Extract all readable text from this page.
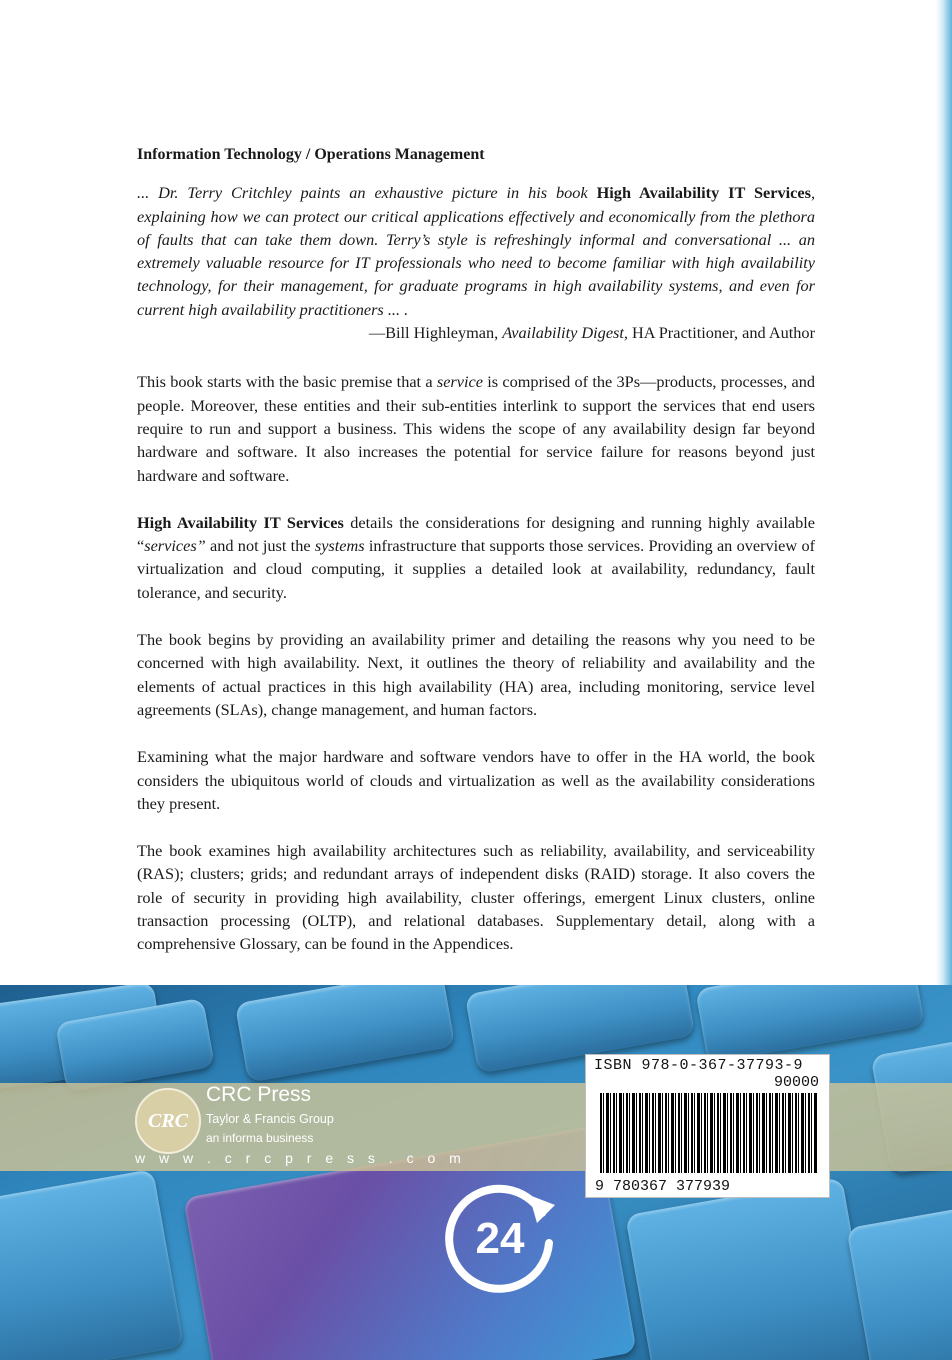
Information Technology / Operations Management

... Dr. Terry Critchley paints an exhaustive picture in his book High Availability IT Services, explaining how we can protect our critical applications effectively and economically from the plethora of faults that can take them down. Terry’s style is refreshingly informal and conversational ... an extremely valuable resource for IT professionals who need to become familiar with high availability technology, for their management, for graduate programs in high availability systems, and even for current high availability practitioners ... .

—Bill Highleyman, Availability Digest, HA Practitioner, and Author

This book starts with the basic premise that a service is comprised of the 3Ps—products, processes, and people. Moreover, these entities and their sub-entities interlink to support the services that end users require to run and support a business. This widens the scope of any availability design far beyond hardware and software. It also increases the potential for service failure for reasons beyond just hardware and software.

High Availability IT Services details the considerations for designing and running highly available “services” and not just the systems infrastructure that supports those services. Providing an overview of virtualization and cloud computing, it supplies a detailed look at availability, redundancy, fault tolerance, and security.

The book begins by providing an availability primer and detailing the reasons why you need to be concerned with high availability. Next, it outlines the theory of reliability and availability and the elements of actual practices in this high availability (HA) area, including monitoring, service level agreements (SLAs), change management, and human factors.

Examining what the major hardware and software vendors have to offer in the HA world, the book considers the ubiquitous world of clouds and virtualization as well as the availability considerations they present.

The book examines high availability architectures such as reliability, availability, and serviceability (RAS); clusters; grids; and redundant arrays of independent disks (RAID) storage. It also covers the role of security in providing high availability, cluster offerings, emergent Linux clusters, online transaction processing (OLTP), and relational databases. Supplementary detail, along with a comprehensive Glossary, can be found in the Appendices.

CRC
CRC Press
Taylor & Francis Group
an informa business
w w w . c r c p r e s s . c o m
ISBN 978-0-367-37793-9
90000
9 780367 377939
24
